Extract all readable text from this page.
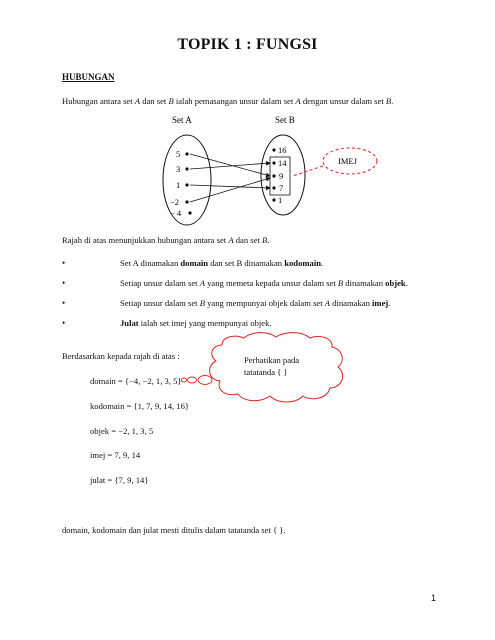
TOPIK 1 : FUNGSI
HUBUNGAN
Hubungan antara set A dan set B ialah pemasangan unsur dalam set A dengan unsur dalam set B.
Set A	Set B
5
3
1
−2
− 4
16
14
9
7
1
IMEJ
Rajah di atas menunjukkan hubungan antara set A dan set B.
•	Set A dinamakan domain dan set B dinamakan kodomain.
•	Setiap unsur dalam set A yang memeta kepada unsur dalam set B dinamakan objek.
•	Setiap unsur dalam set B yang mempunyai objek dalam set A dinamakan imej.
•	Julat ialah set imej yang mempunyai objek.
Berdasarkan kepada rajah di atas :
domain = {−4, −2, 1, 3, 5}
kodomain = {1, 7, 9, 14, 16}
objek = −2, 1, 3, 5
imej = 7, 9, 14
julat = {7, 9, 14}
Perhatikan pada
tatatanda { }
domain, kodomain dan julat mesti ditulis dalam tatatanda set { }.
1
